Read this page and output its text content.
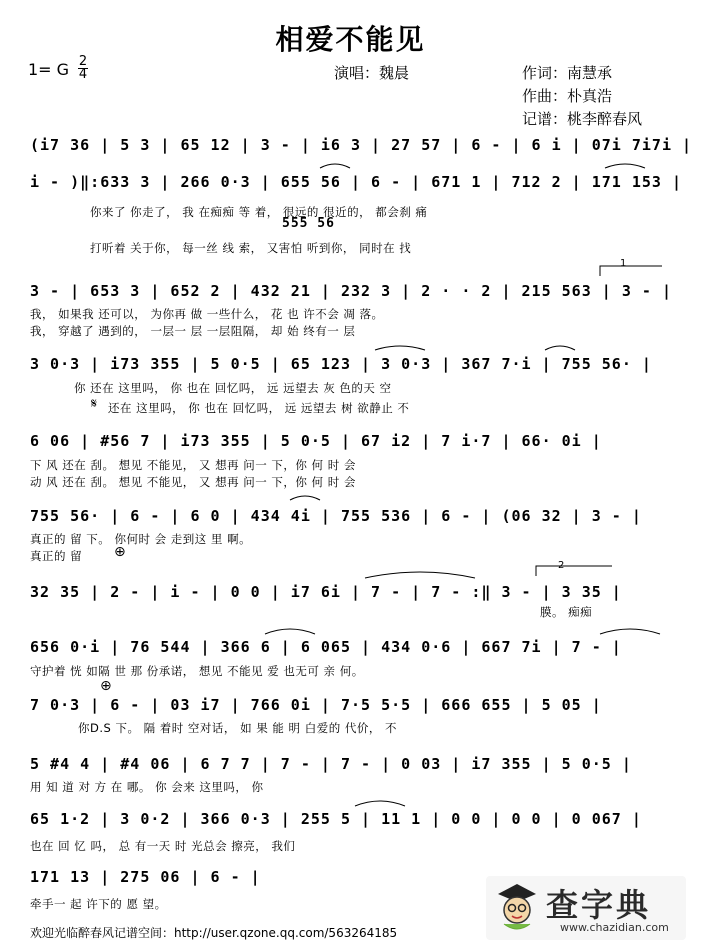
相爱不能见
1= G 2
4	演唱：魏晨	作词：南慧承
作曲：朴真浩
记谱：桃李醉春风
(i7 36 | 5 3 | 65 12 | 3 - | i6 3 | 27 57 | 6 - | 6 i | 07i 7i7i |
i - )‖:633 3 | 266 0·3 | 655 56 | 6 - | 671 1 | 712 2 | 171 153 |
你来了 你走了， 我 在痴痴 等 着， 很远的 很近的， 都会刹 痛
555 56
打听着 关于你， 每一丝 线 索， 又害怕 听到你， 同时在 找
3 - | 653 3 | 652 2 | 432 21 | 232 3 | 2 · · 2 | 215 563 | 3 - |
我， 如果我 还可以， 为你再 做 一些什么， 花 也 许不会 凋 落。
我， 穿越了 遇到的， 一层一 层 一层阻隔， 却 始 终有一 层
1
3 0·3 | i73 355 | 5 0·5 | 65 123 | 3 0·3 | 367 7·i | 755 56· |
你 还在 这里吗， 你 也在 回忆吗， 远 远望去 灰 色的天 空
𝄋 还在 这里吗， 你 也在 回忆吗， 远 远望去 树 欲静止 不
6 06 | #56 7 | i73 355 | 5 0·5 | 67 i2 | 7 i·7 | 66· 0i |
下 风 还在 刮。 想见 不能见， 又 想再 问一 下，你 何 时 会
动 风 还在 刮。 想见 不能见， 又 想再 问一 下，你 何 时 会
755 56· | 6 - | 6 0 | 434 4i | 755 536 | 6 - | (06 32 | 3 - |
真正的 留 下。 你何时 会 走到这 里 啊。
真正的 留 ⊕
2
32 35 | 2 - | i - | 0 0 | i7 6i | 7 - | 7 - :‖ 3 - | 3 35 |
膜。 痴痴
656 0·i | 76 544 | 366 6 | 6 065 | 434 0·6 | 667 7i | 7 - |
守护着 恍 如隔 世 那 份承诺， 想见 不能见 爱 也无可 亲 何。
7 0·3 | 6 - | 03 i7 | 766 0i | 7·5 5·5 | 666 655 | 5 05 |
你D.S 下。 隔 着时 空对话， 如 果 能 明 白爱的 代价， 不
⊕
5 #4 4 | #4 06 | 6 7 7 | 7 - | 7 - | 0 03 | i7 355 | 5 0·5 |
用 知 道 对 方 在 哪。 你 会来 这里吗， 你
65 1·2 | 3 0·2 | 366 0·3 | 255 5 | 11 1 | 0 0 | 0 0 | 0 067 |
也在 回 忆 吗， 总 有一天 时 光总会 擦亮， 我们
171 13 | 275 06 | 6 - |
牵手一 起 许下的 愿 望。
欢迎光临醉春风记谱空间：http://user.qzone.qq.com/563264185
查字典
www.chazidian.com
